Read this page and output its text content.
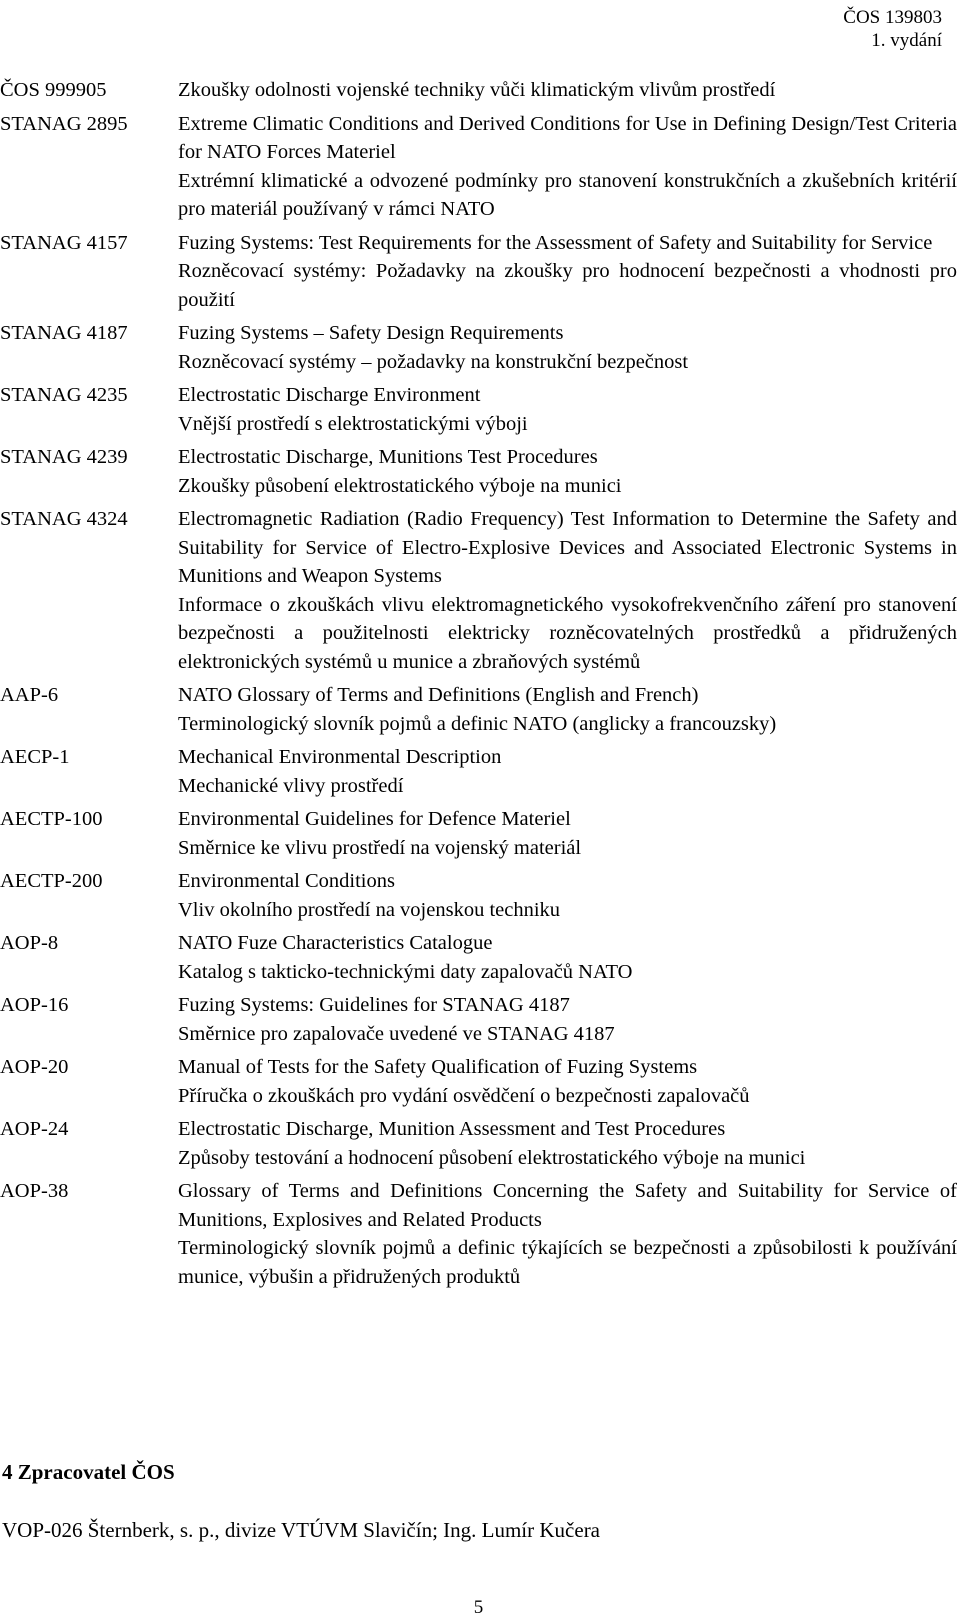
ČOS 139803
1. vydání
ČOS 999905	Zkoušky odolnosti vojenské techniky vůči klimatickým vlivům prostředí
STANAG 2895	Extreme Climatic Conditions and Derived Conditions for Use in Defining Design/Test Criteria for NATO Forces Materiel
Extrémní klimatické a odvozené podmínky pro stanovení konstrukčních a zkušebních kritérií pro materiál používaný v rámci NATO
STANAG 4157	Fuzing Systems: Test Requirements for the Assessment of Safety and Suitability for Service
Rozněcovací systémy: Požadavky na zkoušky pro hodnocení bezpečnosti a vhodnosti pro použití
STANAG 4187	Fuzing Systems – Safety Design Requirements
Rozněcovací systémy – požadavky na konstrukční bezpečnost
STANAG 4235	Electrostatic Discharge Environment
Vnější prostředí s elektrostatickými výboji
STANAG 4239	Electrostatic Discharge, Munitions Test Procedures
Zkoušky působení elektrostatického výboje na munici
STANAG 4324	Electromagnetic Radiation (Radio Frequency) Test Information to Determine the Safety and Suitability for Service of Electro-Explosive Devices and Associated Electronic Systems in Munitions and Weapon Systems
Informace o zkouškách vlivu elektromagnetického vysokofrekvenčního záření pro stanovení bezpečnosti a použitelnosti elektricky rozněcovatelných prostředků a přidružených elektronických systémů u munice a zbraňových systémů
AAP-6	NATO Glossary of Terms and Definitions (English and French)
Terminologický slovník pojmů a definic NATO (anglicky a francouzsky)
AECP-1	Mechanical Environmental Description
Mechanické vlivy prostředí
AECTP-100	Environmental Guidelines for Defence Materiel
Směrnice ke vlivu prostředí na vojenský materiál
AECTP-200	Environmental Conditions
Vliv okolního prostředí na vojenskou techniku
AOP-8	NATO Fuze Characteristics Catalogue
Katalog s takticko-technickými daty zapalovačů NATO
AOP-16	Fuzing Systems: Guidelines for STANAG 4187
Směrnice pro zapalovače uvedené ve STANAG 4187
AOP-20	Manual of Tests for the Safety Qualification of Fuzing Systems
Příručka o zkouškách pro vydání osvědčení o bezpečnosti zapalovačů
AOP-24	Electrostatic Discharge, Munition Assessment and Test Procedures
Způsoby testování a hodnocení působení elektrostatického výboje na munici
AOP-38	Glossary of Terms and Definitions Concerning the Safety and Suitability for Service of Munitions, Explosives and Related Products
Terminologický slovník pojmů a definic týkajících se bezpečnosti a způsobilosti k používání munice, výbušin a přidružených produktů
4 Zpracovatel ČOS
VOP-026 Šternberk, s. p., divize VTÚVM Slavičín; Ing. Lumír Kučera
5
